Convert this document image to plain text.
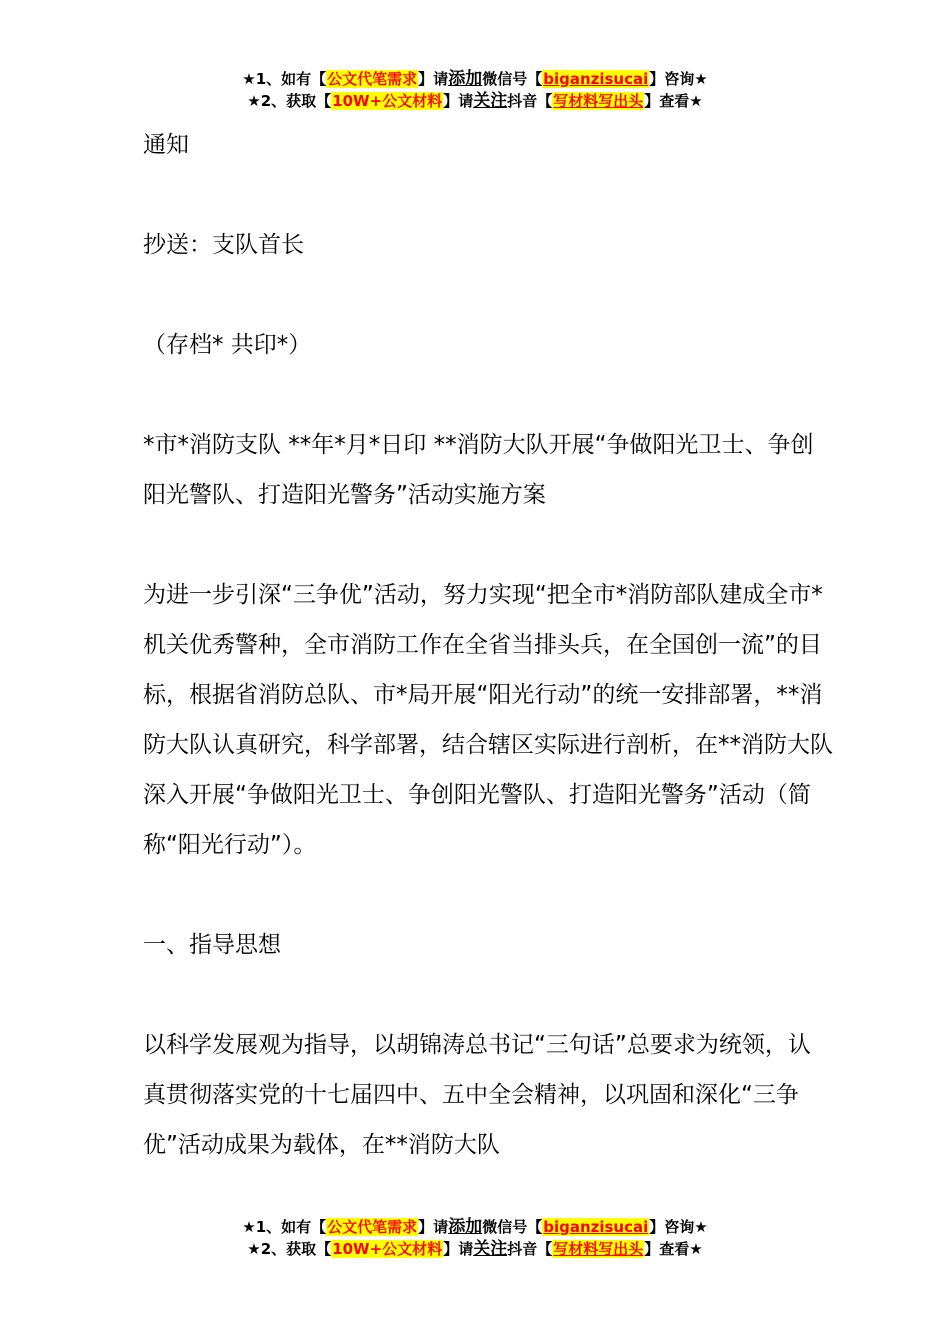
★1、如有【公文代笔需求】请添加微信号【biganzisucai】咨询★
★2、获取【10W+公文材料】请关注抖音【写材料写出头】查看★

通知

抄送：支队首长

（存档* 共印*）

*市*消防支队 **年*月*日印 **消防大队开展“争做阳光卫士、争创阳光警队、打造阳光警务”活动实施方案

为进一步引深“三争优”活动，努力实现“把全市*消防部队建成全市*机关优秀警种，全市消防工作在全省当排头兵，在全国创一流”的目标，根据省消防总队、市*局开展“阳光行动”的统一安排部署，**消防大队认真研究，科学部署，结合辖区实际进行剖析，在**消防大队深入开展“争做阳光卫士、争创阳光警队、打造阳光警务”活动（简称“阳光行动”）。

一、指导思想

以科学发展观为指导，以胡锦涛总书记“三句话”总要求为统领，认真贯彻落实党的十七届四中、五中全会精神，以巩固和深化“三争优”活动成果为载体，在**消防大队

★1、如有【公文代笔需求】请添加微信号【biganzisucai】咨询★
★2、获取【10W+公文材料】请关注抖音【写材料写出头】查看★
